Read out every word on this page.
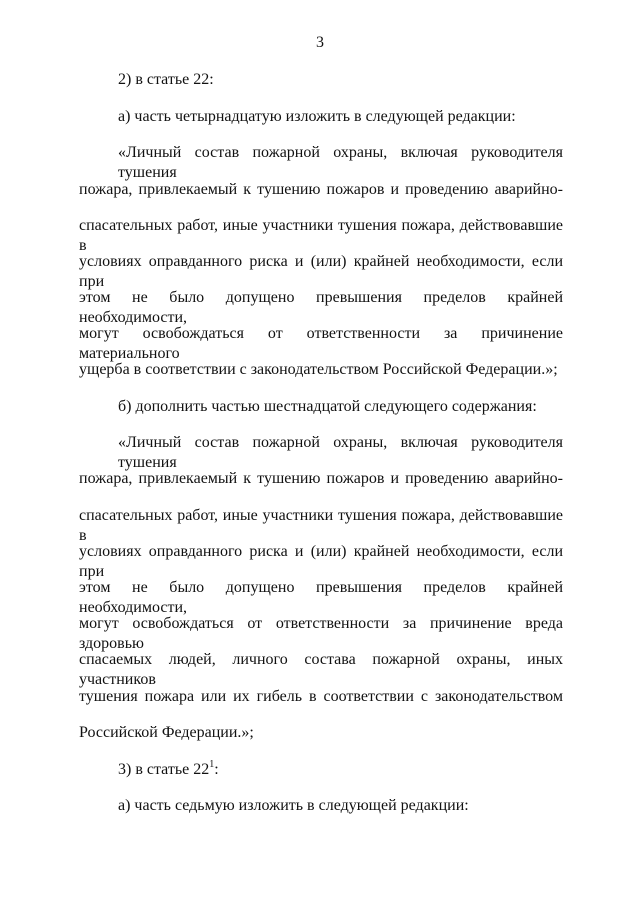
3
2) в статье 22:
а) часть четырнадцатую изложить в следующей редакции:
«Личный состав пожарной охраны, включая руководителя тушения
пожара, привлекаемый к тушению пожаров и проведению аварийно-
спасательных работ, иные участники тушения пожара, действовавшие в
условиях оправданного риска и (или) крайней необходимости, если при
этом не было допущено превышения пределов крайней необходимости,
могут освобождаться от ответственности за причинение материального
ущерба в соответствии с законодательством Российской Федерации.»;
б) дополнить частью шестнадцатой следующего содержания:
«Личный состав пожарной охраны, включая руководителя тушения
пожара, привлекаемый к тушению пожаров и проведению аварийно-
спасательных работ, иные участники тушения пожара, действовавшие в
условиях оправданного риска и (или) крайней необходимости, если при
этом не было допущено превышения пределов крайней необходимости,
могут освобождаться от ответственности за причинение вреда здоровью
спасаемых людей, личного состава пожарной охраны, иных участников
тушения пожара или их гибель в соответствии с законодательством
Российской Федерации.»;
3) в статье $22^1$:
а) часть седьмую изложить в следующей редакции:
